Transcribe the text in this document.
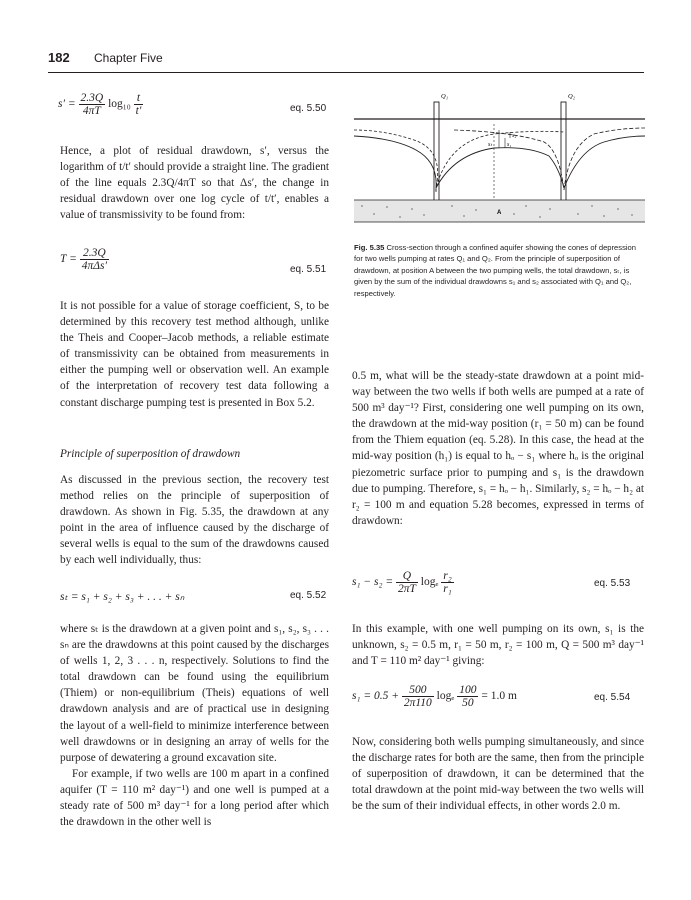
182 Chapter Five
$s' = \frac{2.3Q}{4\pi T} \log_{10} \frac{t}{t'}$	eq. 5.50

Hence, a plot of residual drawdown, s′, versus the logarithm of t/t′ should provide a straight line. The gradient of the line equals 2.3Q/4πT so that Δs′, the change in residual drawdown over one log cycle of t/t′, enables a value of transmissivity to be found from:

$T = \frac{2.3Q}{\text{4πΔs′}}$	eq. 5.51

It is not possible for a value of storage coefficient, S, to be determined by this recovery test method although, unlike the Theis and Cooper–Jacob methods, a reliable estimate of transmissivity can be obtained from measurements in either the pumping well or observation well. An example of the interpretation of recovery test data following a constant discharge pumping test is presented in Box 5.2.

Principle of superposition of drawdown

As discussed in the previous section, the recovery test method relies on the principle of superposition of drawdown. As shown in Fig. 5.35, the drawdown at any point in the area of influence caused by the discharge of several wells is equal to the sum of the drawdowns caused by each well individually, thus:

sₜ = s₁ + s₂ + s₃ + . . . + sₙ	eq. 5.52

where sₜ is the drawdown at a given point and s₁, s₂, s₃ . . . sₙ are the drawdowns at this point caused by the discharges of wells 1, 2, 3 . . . n, respectively. Solutions to find the total drawdown can be found using the equilibrium (Thiem) or non-equilibrium (Theis) equations of well drawdown analysis and are of practical use in designing the layout of a well-field to minimize interference between well drawdowns or in designing an array of wells for the purpose of dewatering a ground excavation site.

For example, if two wells are 100 m apart in a confined aquifer (T = 110 m² day⁻¹) and one well is pumped at a steady rate of 500 m³ day⁻¹ for a long period after which the drawdown in the other well is

Q₁	Q₂
s₂
s₁
sₜ
A
Fig. 5.35 Cross-section through a confined aquifer showing the cones of depression for two wells pumping at rates Q₁ and Q₂. From the principle of superposition of drawdown, at position A between the two pumping wells, the total drawdown, sₜ, is given by the sum of the individual drawdowns s₁ and s₂ associated with Q₁ and Q₂, respectively.

0.5 m, what will be the steady-state drawdown at a point mid-way between the two wells if both wells are pumped at a rate of 500 m³ day⁻¹? First, considering one well pumping on its own, the drawdown at the mid-way position (r₁ = 50 m) can be found from the Thiem equation (eq. 5.28). In this case, the head at the mid-way position (h₁) is equal to hₒ − s₁ where hₒ is the original piezometric surface prior to pumping and s₁ is the drawdown due to pumping. Therefore, s₁ = hₒ − h₁. Similarly, s₂ = hₒ − h₂ at r₂ = 100 m and equation 5.28 becomes, expressed in terms of drawdown:

$s_1 - s_2 = \frac{Q}{2\pi T}$ logₑ $\frac{\text{r₂}}{\text{r₁}}$	eq. 5.53

In this example, with one well pumping on its own, s₁ is the unknown, s₂ = 0.5 m, r₁ = 50 m, r₂ = 100 m, Q = 500 m³ day⁻¹ and T = 110 m² day⁻¹ giving:

$s_1 = 0.5 + \frac{500}{2\pi 110}$ logₑ $\frac{100}{50} = 1.0$ m	eq. 5.54

Now, considering both wells pumping simultaneously, and since the discharge rates for both are the same, then from the principle of superposition of drawdown, it can be determined that the total drawdown at the point mid-way between the two wells will be the sum of their individual effects, in other words 2.0 m.
